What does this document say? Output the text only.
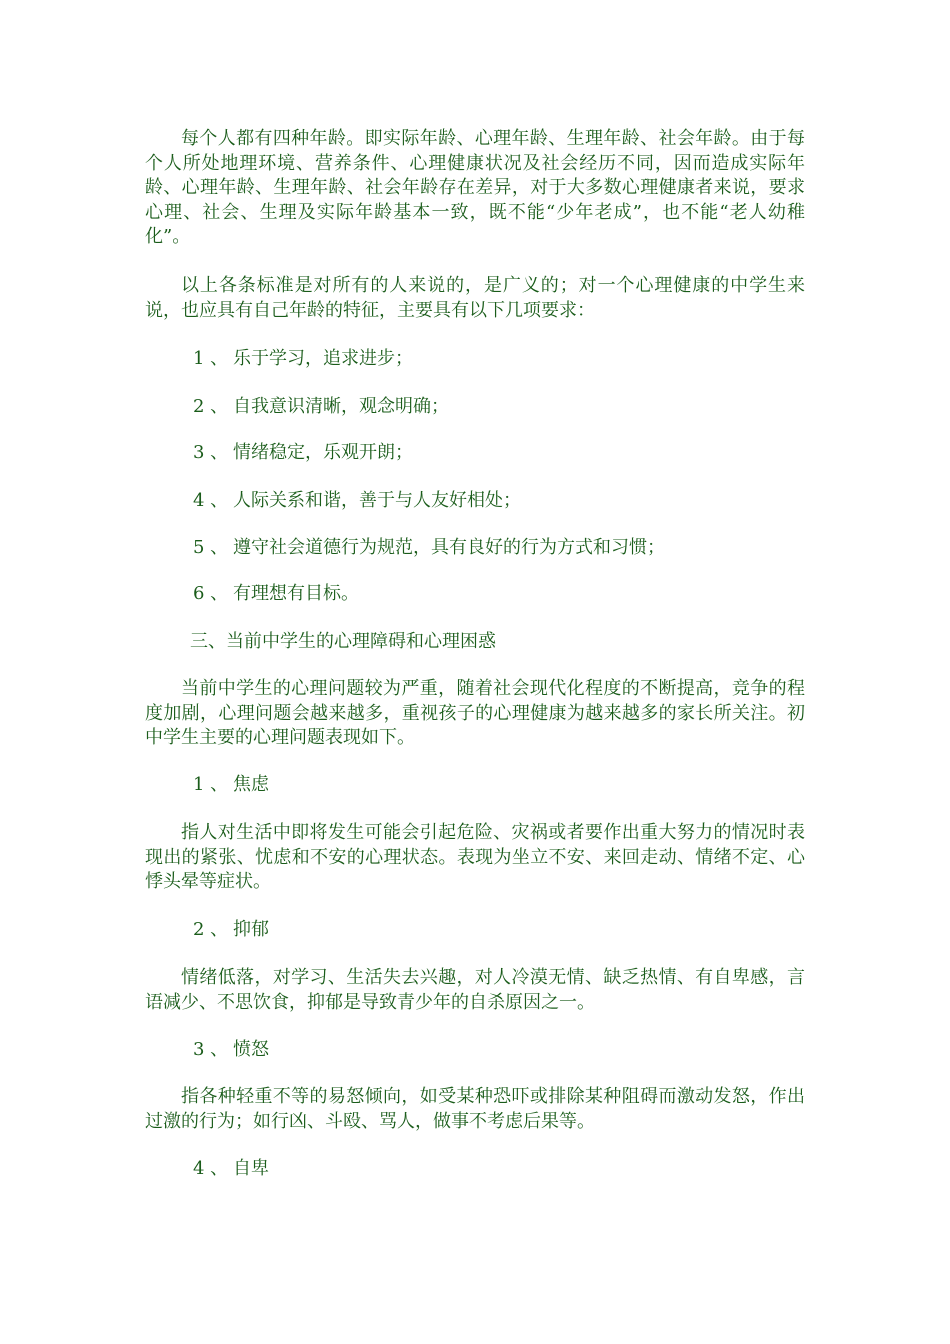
每个人都有四种年龄。即实际年龄、心理年龄、生理年龄、社会年龄。由于每个人所处地理环境、营养条件、心理健康状况及社会经历不同，因而造成实际年龄、心理年龄、生理年龄、社会年龄存在差异，对于大多数心理健康者来说，要求心理、社会、生理及实际年龄基本一致，既不能“少年老成”，也不能“老人幼稚化”。

以上各条标准是对所有的人来说的，是广义的；对一个心理健康的中学生来说，也应具有自己年龄的特征，主要具有以下几项要求：

1 、 乐于学习，追求进步；
2 、 自我意识清晰，观念明确；
3 、 情绪稳定，乐观开朗；
4 、 人际关系和谐，善于与人友好相处；
5 、 遵守社会道德行为规范，具有良好的行为方式和习惯；
6 、 有理想有目标。
三、当前中学生的心理障碍和心理困惑

当前中学生的心理问题较为严重，随着社会现代化程度的不断提高，竞争的程度加剧，心理问题会越来越多，重视孩子的心理健康为越来越多的家长所关注。初中学生主要的心理问题表现如下。

1 、 焦虑

指人对生活中即将发生可能会引起危险、灾祸或者要作出重大努力的情况时表现出的紧张、忧虑和不安的心理状态。表现为坐立不安、来回走动、情绪不定、心悸头晕等症状。

2 、 抑郁

情绪低落，对学习、生活失去兴趣，对人冷漠无情、缺乏热情、有自卑感，言语减少、不思饮食，抑郁是导致青少年的自杀原因之一。

3 、 愤怒

指各种轻重不等的易怒倾向，如受某种恐吓或排除某种阻碍而激动发怒，作出过激的行为；如行凶、斗殴、骂人，做事不考虑后果等。

4 、 自卑
